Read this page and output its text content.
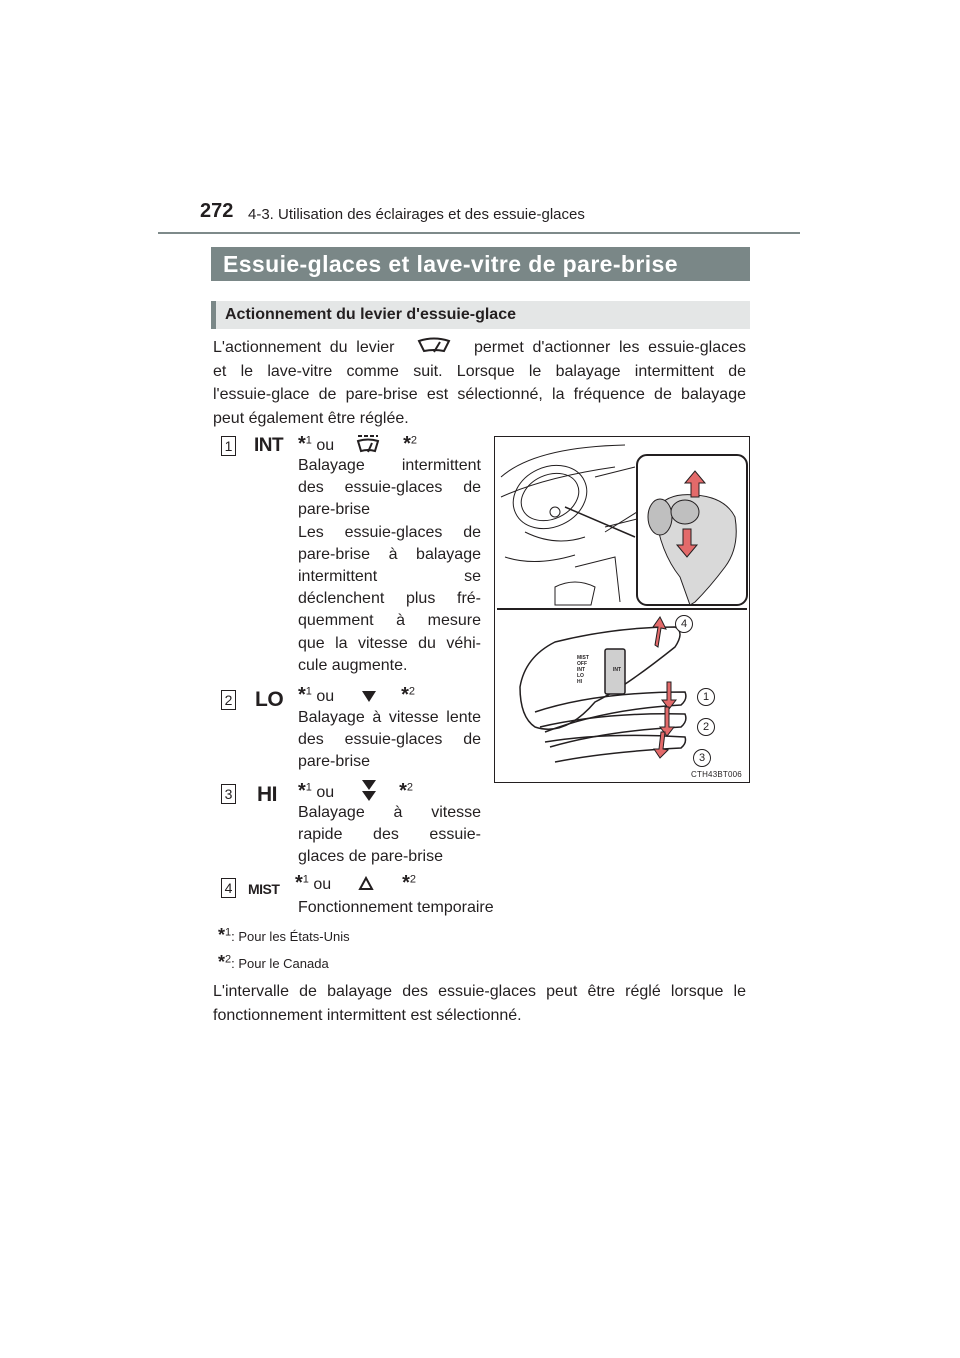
272 4-3. Utilisation des éclairages et des essuie-glaces
Essuie-glaces et lave-vitre de pare-brise
Actionnement du levier d'essuie-glace

L'actionnement du levier	permet d'actionner les essuie-glaces

et le lave-vitre comme suit. Lorsque le balayage intermittent de

l'essuie-glace de pare-brise est sélectionné, la fréquence de balayage

peut également être réglée.

1 INT *$^1$ ou	*$^2$

Balayage intermittent

des essuie-glaces de

pare-brise

Les essuie-glaces de

pare-brise à balayage

intermittent se

déclenchent plus fré-

quemment à mesure

que la vitesse du véhi-

cule augmente.

2 LO *$^1$ ou	*$^2$

Balayage à vitesse lente

des essuie-glaces de

pare-brise

3 HI *$^1$ ou	*$^2$

Balayage à vitesse

rapide des essuie-

glaces de pare-brise

4 MIST *$^1$ ou	*$^2$

Fonctionnement temporaire

MIST
OFF
INT
LO
HI
INT
4
1
2
3
CTH43BT006
*$^1$: Pour les États-Unis
*$^2$: Pour le Canada

L'intervalle de balayage des essuie-glaces peut être réglé lorsque le

fonctionnement intermittent est sélectionné.
